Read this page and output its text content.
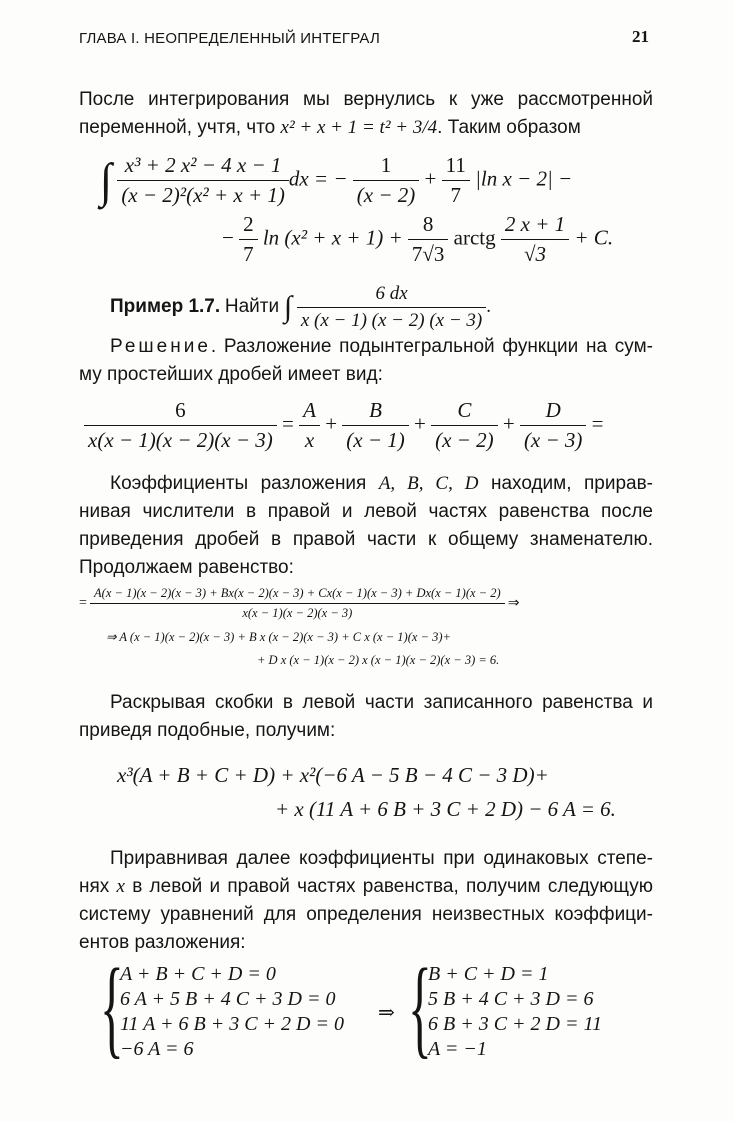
ГЛАВА I. НЕОПРЕДЕЛЕННЫЙ ИНТЕГРАЛ	21
После интегрирования мы вернулись к уже рассмотренной
переменной, учтя, что x² + x + 1 = t² + 3/4. Таким образом
∫ $\frac{\text{x³ + 2 x² − 4 x − 1}}{\text{(x − 2)²(x² + x + 1)}}$ dx = − $\frac{1}{(x - 2)} + \frac{11}{7} |\ln$ x − 2| −
− $\frac{2}{7}$ $\ln (x^2 + x + 1) + \frac{8}{7√3}$ arctg $\frac{2 x + 1}{√3} + C$.
Пример 1.7. Найти ∫ $\frac{6 dx}{x (x - 1) (x - 2) (x - 3)}$ .
Решение. Разложение подынтегральной функции на сум-
му простейших дробей имеет вид:
$\frac{6}{x(x - 1)(x - 2)(x - 3)} = \frac{A}{x} + \frac{B}{(x - 1)} + \frac{C}{(x - 2)} + \frac{D}{(x - 3)}$ =
Коэффициенты разложения A, B, C, D находим, прирав-
нивая числители в правой и левой частях равенства после
приведения дробей в правой части к общему знаменателю.
Продолжаем равенство:
=
A(x − 1)(x − 2)(x − 3) + Bx(x − 2)(x − 3) + Cx(x − 1)(x − 3) + Dx(x − 1)(x − 2)
x(x − 1)(x − 2)(x − 3)
⇒
⇒ A (x − 1)(x − 2)(x − 3) + B x (x − 2)(x − 3) + C x (x − 1)(x − 3)+
+ D x (x − 1)(x − 2) x (x − 1)(x − 2)(x − 3) = 6.
Раскрывая скобки в левой части записанного равенства и
приведя подобные, получим:
x³(A + B + C + D) + x²(−6 A − 5 B − 4 C − 3 D)+
+ x (11 A + 6 B + 3 C + 2 D) − 6 A = 6.
Приравнивая далее коэффициенты при одинаковых степе-
нях x в левой и правой частях равенства, получим следующую
систему уравнений для определения неизвестных коэффици-
ентов разложения:
{
A + B + C + D = 0
6 A + 5 B + 4 C + 3 D = 0
11 A + 6 B + 3 C + 2 D = 0
−6 A = 6
⇒ {
B + C + D = 1
5 B + 4 C + 3 D = 6
6 B + 3 C + 2 D = 11
A = −1
